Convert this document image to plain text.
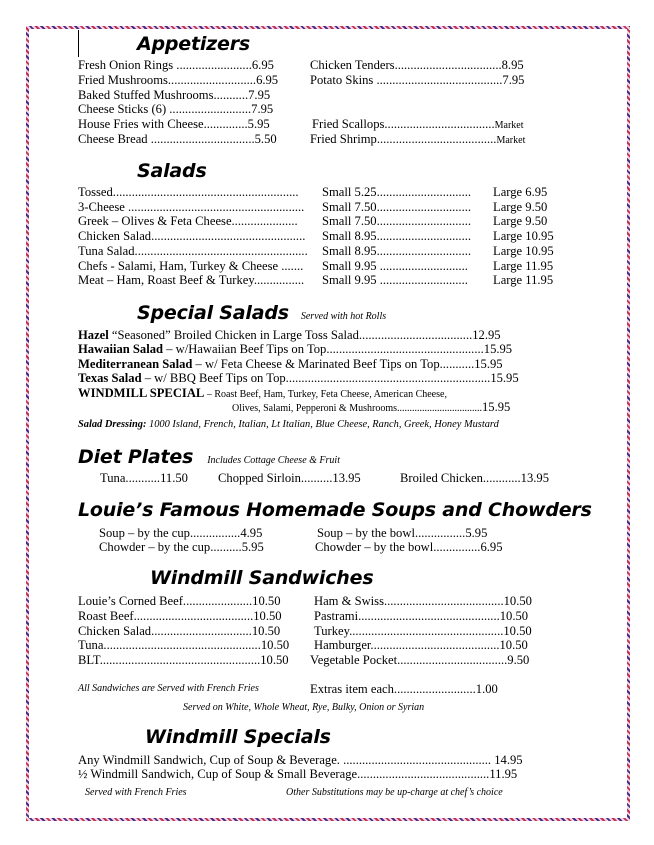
Appetizers
Fresh Onion Rings ........................6.95
Fried Mushrooms............................6.95
Baked Stuffed Mushrooms...........7.95
Cheese Sticks (6) ..........................7.95
House Fries with Cheese..............5.95
Cheese Bread .................................5.50
Chicken Tenders..................................8.95
Potato Skins ........................................7.95
Fried Scallops...................................Market
Fried Shrimp......................................Market
Salads
Tossed........................................................... Small 5.25.............................. Large 6.95
3-Cheese ........................................................ Small 7.50.............................. Large 9.50
Greek – Olives & Feta Cheese..................... Small 7.50.............................. Large 9.50
Chicken Salad................................................. Small 8.95.............................. Large 10.95
Tuna Salad....................................................... Small 8.95.............................. Large 10.95
Chefs - Salami, Ham, Turkey & Cheese ....... Small 9.95 ............................ Large 11.95
Meat – Ham, Roast Beef & Turkey................ Small 9.95 ............................ Large 11.95
Special Salads Served with hot Rolls
Hazel “Seasoned” Broiled Chicken in Large Toss Salad....................................12.95
Hawaiian Salad – w/Hawaiian Beef Tips on Top..................................................15.95
Mediterranean Salad – w/ Feta Cheese & Marinated Beef Tips on Top...........15.95
Texas Salad – w/ BBQ Beef Tips on Top.................................................................15.95
WINDMILL SPECIAL – Roast Beef, Ham, Turkey, Feta Cheese, American Cheese,
Olives, Salami, Pepperoni & Mushrooms..................................15.95
Salad Dressing: 1000 Island, French, Italian, Lt Italian, Blue Cheese, Ranch, Greek, Honey Mustard
Diet Plates Includes Cottage Cheese & Fruit
Tuna...........11.50 Chopped Sirloin..........13.95	Broiled Chicken............13.95
Louie’s Famous Homemade Soups and Chowders
Soup – by the cup................4.95
Chowder – by the cup..........5.95
Soup – by the bowl................5.95
Chowder – by the bowl...............6.95
Windmill Sandwiches
Louie’s Corned Beef......................10.50
Roast Beef......................................10.50
Chicken Salad................................10.50
Tuna..................................................10.50
BLT...................................................10.50
Ham & Swiss......................................10.50
Pastrami.............................................10.50
Turkey.................................................10.50
Hamburger.........................................10.50
Vegetable Pocket...................................9.50
All Sandwiches are Served with French Fries	Extras item each..........................1.00
Served on White, Whole Wheat, Rye, Bulky, Onion or Syrian
Windmill Specials
Any Windmill Sandwich, Cup of Soup & Beverage. ............................................... 14.95
½ Windmill Sandwich, Cup of Soup & Small Beverage..........................................11.95
Served with French Fries	Other Substitutions may be up-charge at chef’s choice
